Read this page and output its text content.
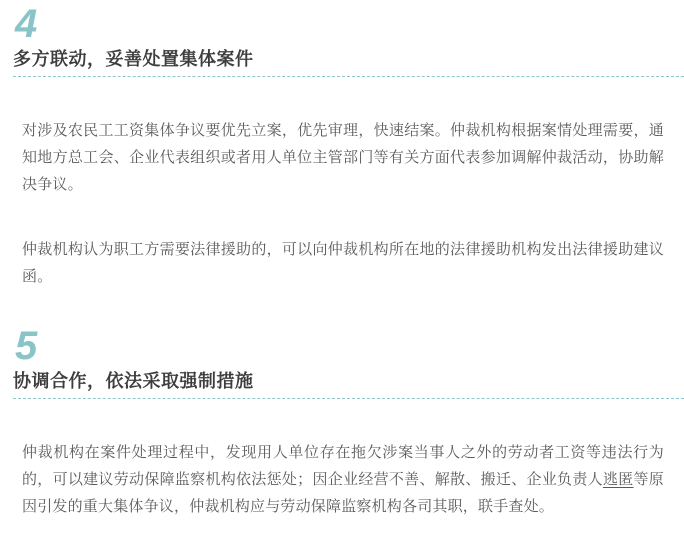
4
多方联动，妥善处置集体案件

对涉及农民工工资集体争议要优先立案，优先审理，快速结案。仲裁机构根据案情处理需要，通知地方总工会、企业代表组织或者用人单位主管部门等有关方面代表参加调解仲裁活动，协助解决争议。

仲裁机构认为职工方需要法律援助的，可以向仲裁机构所在地的法律援助机构发出法律援助建议函。

5
协调合作，依法采取强制措施

仲裁机构在案件处理过程中，发现用人单位存在拖欠涉案当事人之外的劳动者工资等违法行为的，可以建议劳动保障监察机构依法惩处；因企业经营不善、解散、搬迁、企业负责人逃匿等原因引发的重大集体争议，仲裁机构应与劳动保障监察机构各司其职，联手查处。
